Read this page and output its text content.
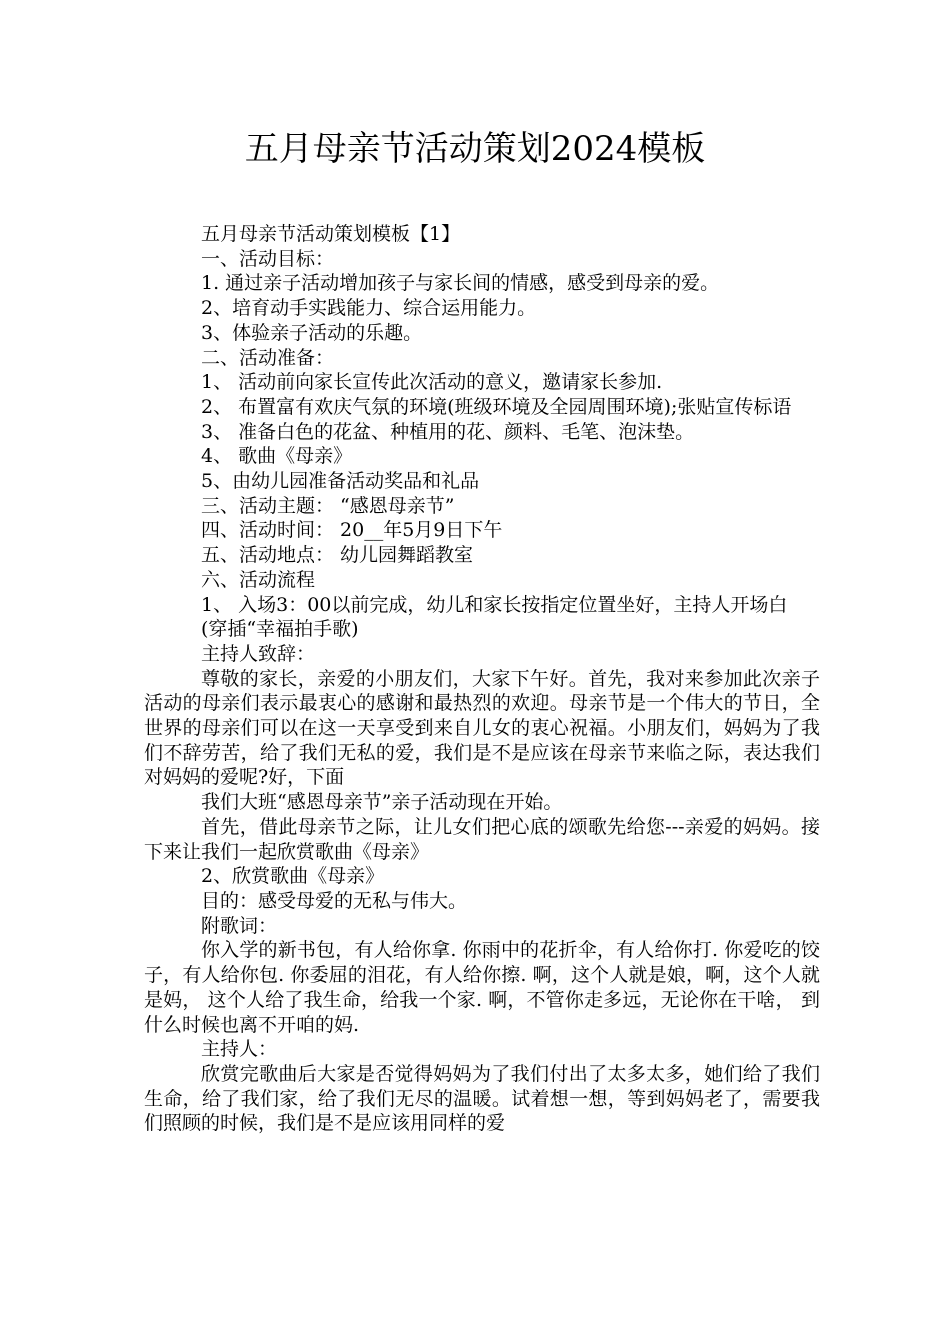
五月母亲节活动策划2024模板

五月母亲节活动策划模板【1】

一、活动目标：

1. 通过亲子活动增加孩子与家长间的情感，感受到母亲的爱。

2、培育动手实践能力、综合运用能力。

3、体验亲子活动的乐趣。

二、活动准备：

1、 活动前向家长宣传此次活动的意义，邀请家长参加.

2、 布置富有欢庆气氛的环境(班级环境及全园周围环境);张贴宣传标语

3、 准备白色的花盆、种植用的花、颜料、毛笔、泡沫垫。

4、 歌曲《母亲》

5、由幼儿园准备活动奖品和礼品

三、活动主题： “感恩母亲节”

四、活动时间： 20__年5月9日下午

五、活动地点： 幼儿园舞蹈教室

六、活动流程

1、 入场3：00以前完成，幼儿和家长按指定位置坐好，主持人开场白

(穿插“幸福拍手歌)

主持人致辞：

尊敬的家长，亲爱的小朋友们，大家下午好。首先，我对来参加此次亲子活动的母亲们表示最衷心的感谢和最热烈的欢迎。母亲节是一个伟大的节日，全世界的母亲们可以在这一天享受到来自儿女的衷心祝福。小朋友们，妈妈为了我们不辞劳苦，给了我们无私的爱，我们是不是应该在母亲节来临之际，表达我们对妈妈的爱呢?好，下面

我们大班“感恩母亲节”亲子活动现在开始。

首先，借此母亲节之际，让儿女们把心底的颂歌先给您---亲爱的妈妈。接下来让我们一起欣赏歌曲《母亲》

2、欣赏歌曲《母亲》

目的：感受母爱的无私与伟大。

附歌词：

你入学的新书包，有人给你拿. 你雨中的花折伞，有人给你打. 你爱吃的饺子，有人给你包. 你委屈的泪花，有人给你擦. 啊，这个人就是娘，啊，这个人就是妈， 这个人给了我生命，给我一个家. 啊，不管你走多远，无论你在干啥， 到什么时候也离不开咱的妈.

主持人：

欣赏完歌曲后大家是否觉得妈妈为了我们付出了太多太多，她们给了我们生命，给了我们家，给了我们无尽的温暖。试着想一想，等到妈妈老了，需要我们照顾的时候，我们是不是应该用同样的爱
